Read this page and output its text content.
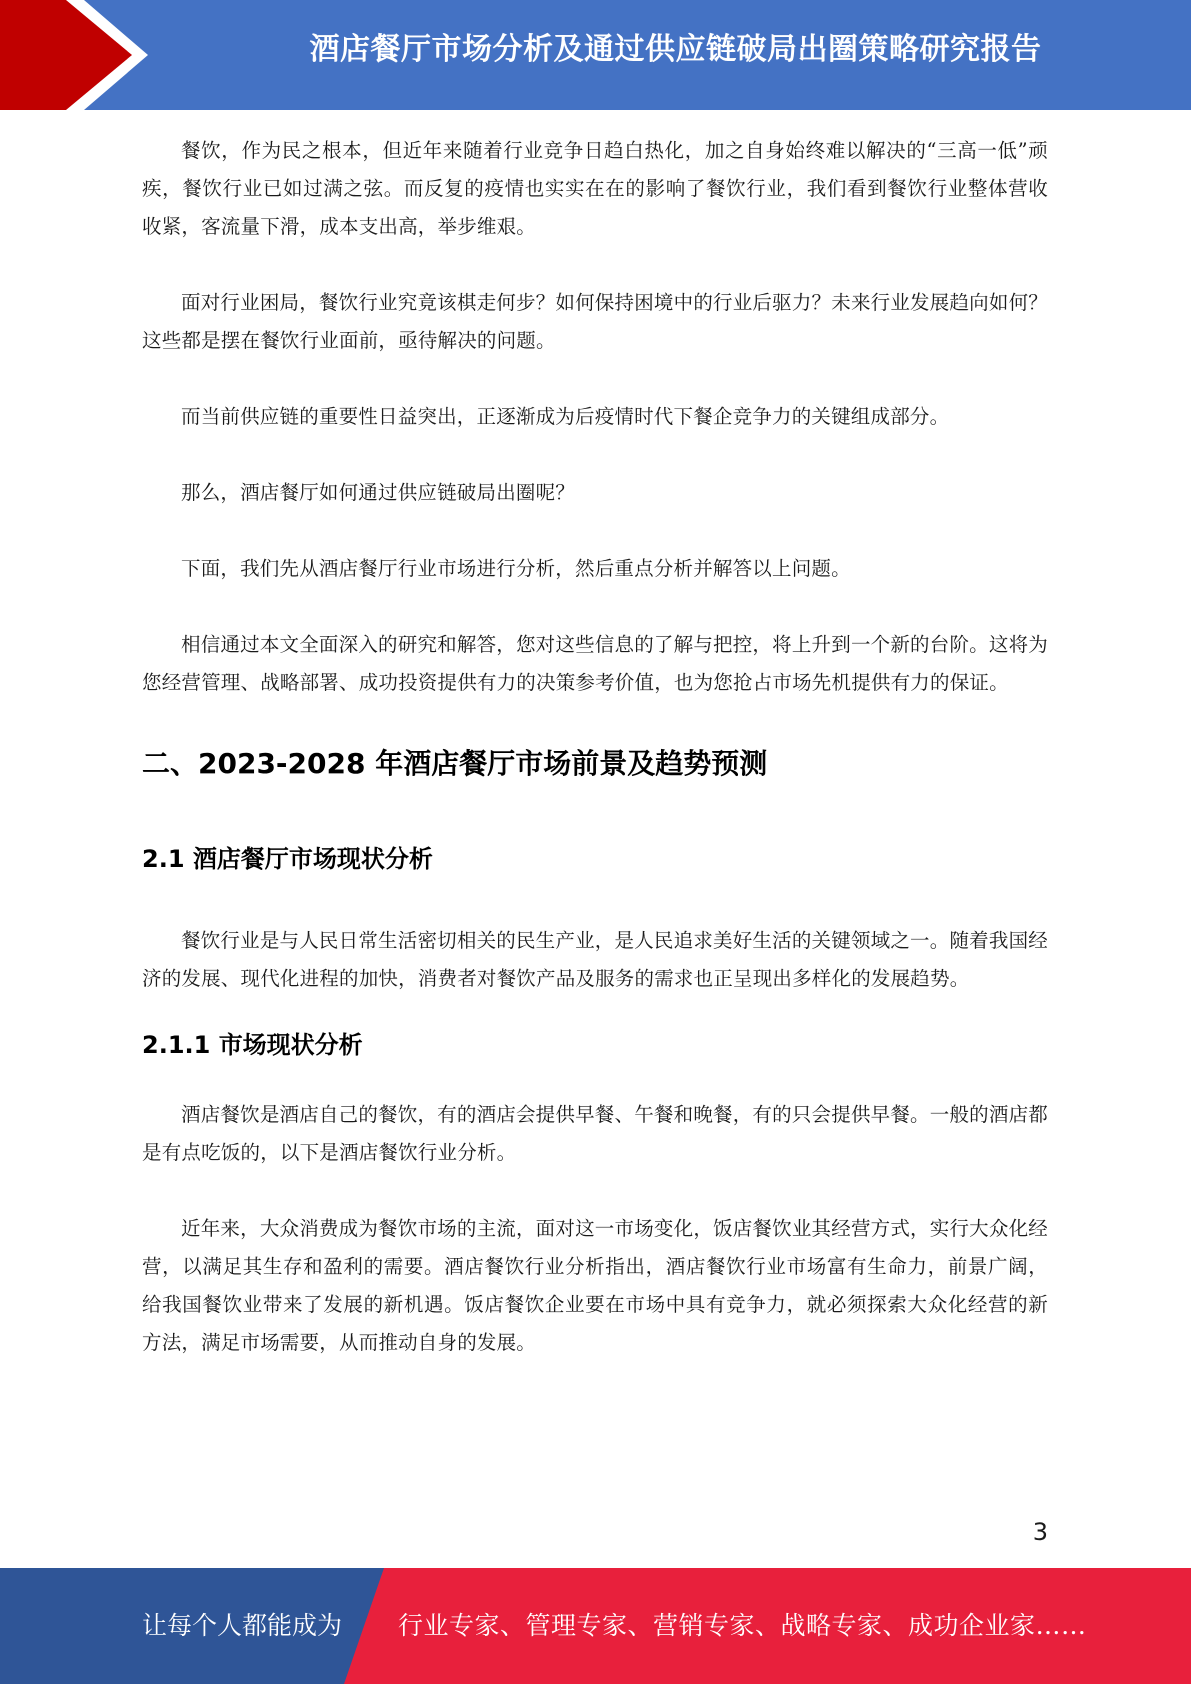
酒店餐厅市场分析及通过供应链破局出圈策略研究报告

餐饮，作为民之根本，但近年来随着行业竞争日趋白热化，加之自身始终难以解决的“三高一低”顽疾，餐饮行业已如过满之弦。而反复的疫情也实实在在的影响了餐饮行业，我们看到餐饮行业整体营收收紧，客流量下滑，成本支出高，举步维艰。

面对行业困局，餐饮行业究竟该棋走何步？如何保持困境中的行业后驱力？未来行业发展趋向如何？这些都是摆在餐饮行业面前，亟待解决的问题。

而当前供应链的重要性日益突出，正逐渐成为后疫情时代下餐企竞争力的关键组成部分。

那么，酒店餐厅如何通过供应链破局出圈呢？

下面，我们先从酒店餐厅行业市场进行分析，然后重点分析并解答以上问题。

相信通过本文全面深入的研究和解答，您对这些信息的了解与把控，将上升到一个新的台阶。这将为您经营管理、战略部署、成功投资提供有力的决策参考价值，也为您抢占市场先机提供有力的保证。

二、2023-2028 年酒店餐厅市场前景及趋势预测
2.1 酒店餐厅市场现状分析

餐饮行业是与人民日常生活密切相关的民生产业，是人民追求美好生活的关键领域之一。随着我国经济的发展、现代化进程的加快，消费者对餐饮产品及服务的需求也正呈现出多样化的发展趋势。

2.1.1 市场现状分析

酒店餐饮是酒店自己的餐饮，有的酒店会提供早餐、午餐和晚餐，有的只会提供早餐。一般的酒店都是有点吃饭的，以下是酒店餐饮行业分析。

近年来，大众消费成为餐饮市场的主流，面对这一市场变化，饭店餐饮业其经营方式，实行大众化经营，以满足其生存和盈利的需要。酒店餐饮行业分析指出，酒店餐饮行业市场富有生命力，前景广阔，给我国餐饮业带来了发展的新机遇。饭店餐饮企业要在市场中具有竞争力，就必须探索大众化经营的新方法，满足市场需要，从而推动自身的发展。

3
让每个人都能成为 行业专家、管理专家、营销专家、战略专家、成功企业家……
